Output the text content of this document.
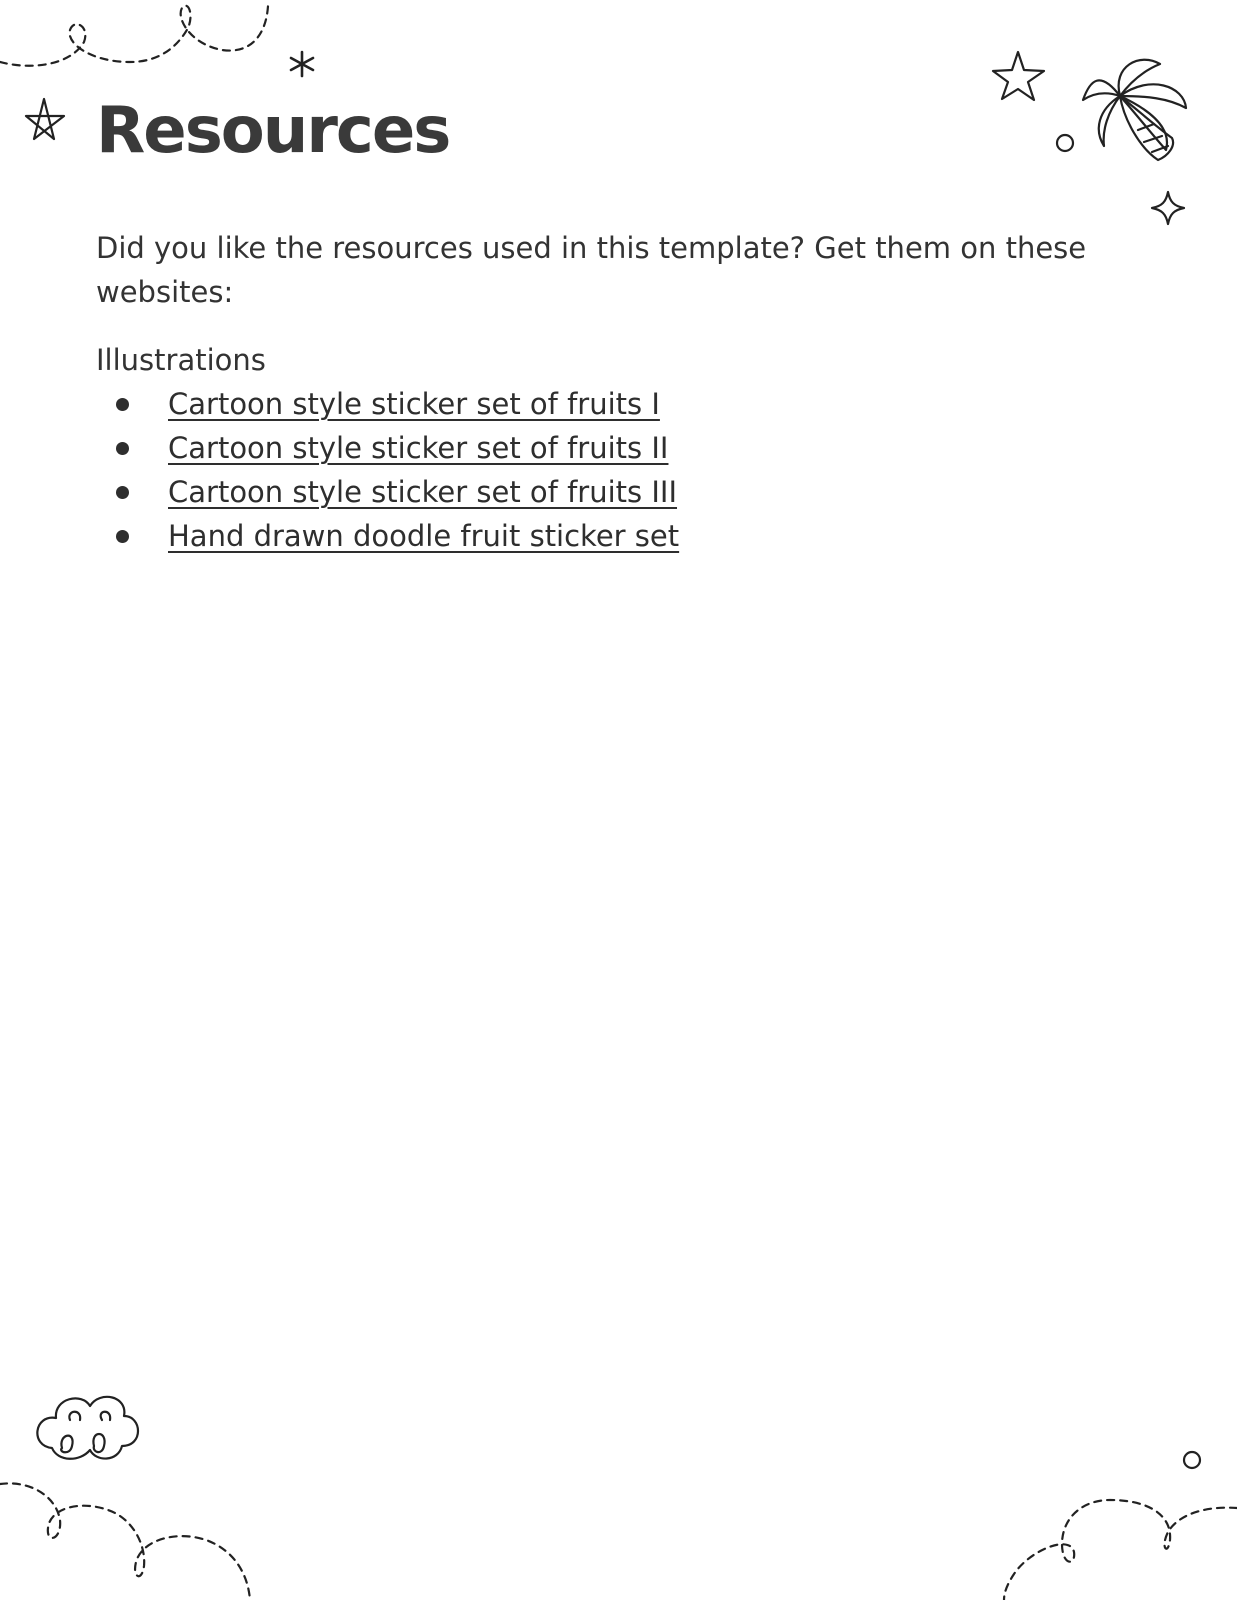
Resources

Did you like the resources used in this template? Get them on these websites:

Illustrations

Cartoon style sticker set of fruits I
Cartoon style sticker set of fruits II
Cartoon style sticker set of fruits III
Hand drawn doodle fruit sticker set
